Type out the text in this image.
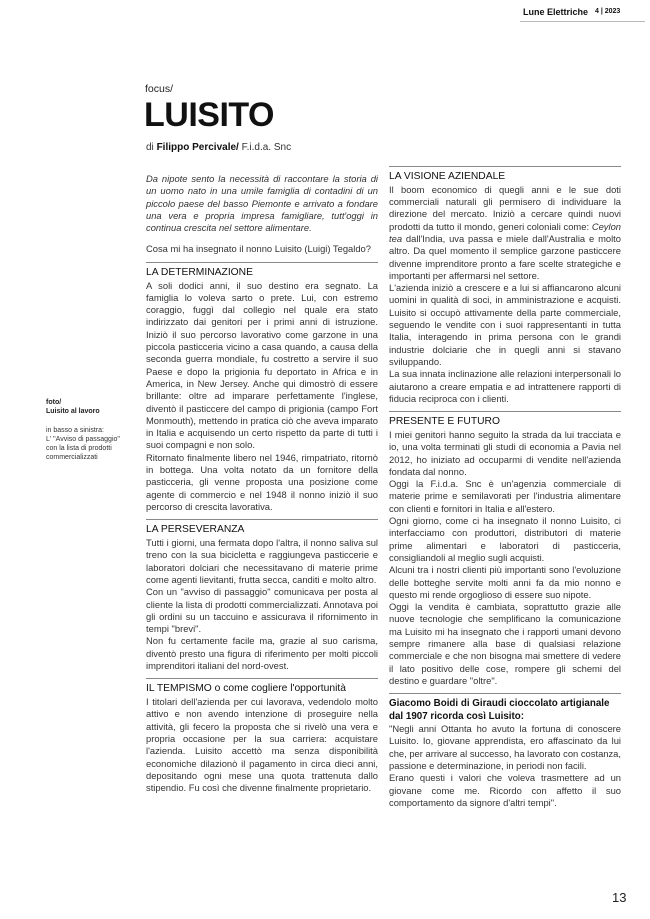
Lune Elettriche 4 | 2023
focus/
LUISITO
di Filippo Percivale/ F.i.d.a. Snc
foto/
Luisito al lavoro
in basso a sinistra:
L' "Avviso di passaggio"
con la lista di prodotti
commercializzati

Da nipote sento la necessità di raccontare la storia di un uomo nato in una umile famiglia di contadini di un piccolo paese del basso Piemonte e arrivato a fondare una vera e propria impresa famigliare, tutt'oggi in continua crescita nel settore alimentare.

Cosa mi ha insegnato il nonno Luisito (Luigi) Tegaldo?

LA DETERMINAZIONE

A soli dodici anni, il suo destino era segnato. La famiglia lo voleva sarto o prete. Lui, con estremo coraggio, fuggì dal collegio nel quale era stato indirizzato dai genitori per i primi anni di istruzione. Iniziò il suo percorso lavorativo come garzone in una piccola pasticceria vicino a casa quando, a causa della seconda guerra mondiale, fu costretto a servire il suo Paese e dopo la prigionia fu deportato in Africa e in America, in New Jersey. Anche qui dimostrò di essere brillante: oltre ad imparare perfettamente l'inglese, diventò il pasticcere del campo di prigionia (campo Fort Monmouth), mettendo in pratica ciò che aveva imparato in Italia e acquisendo un certo rispetto da parte di tutti i suoi compagni e non solo.

Ritornato finalmente libero nel 1946, rimpatriato, ritornò in bottega. Una volta notato da un fornitore della pasticceria, gli venne proposta una posizione come agente di commercio e nel 1948 il nonno iniziò il suo percorso di crescita lavorativa.

LA PERSEVERANZA

Tutti i giorni, una fermata dopo l'altra, il nonno saliva sul treno con la sua bicicletta e raggiungeva pasticcerie e laboratori dolciari che necessitavano di materie prime come agenti lievitanti, frutta secca, canditi e molto altro.

Con un "avviso di passaggio" comunicava per posta al cliente la lista di prodotti commercializzati. Annotava poi gli ordini su un taccuino e assicurava il rifornimento in tempi "brevi".

Non fu certamente facile ma, grazie al suo carisma, diventò presto una figura di riferimento per molti piccoli imprenditori italiani del nord-ovest.

IL TEMPISMO o come cogliere l'opportunità

I titolari dell'azienda per cui lavorava, vedendolo molto attivo e non avendo intenzione di proseguire nella attività, gli fecero la proposta che si rivelò una vera e propria occasione per la sua carriera: acquistare l'azienda. Luisito accettò ma senza disponibilità economiche dilazionò il pagamento in circa dieci anni, depositando ogni mese una quota trattenuta dallo stipendio. Fu così che divenne finalmente proprietario.

LA VISIONE AZIENDALE

Il boom economico di quegli anni e le sue doti commerciali naturali gli permisero di individuare la direzione del mercato. Iniziò a cercare quindi nuovi prodotti da tutto il mondo, generi coloniali come: Ceylon tea dall'India, uva passa e miele dall'Australia e molto altro. Da quel momento il semplice garzone pasticcere divenne imprenditore pronto a fare scelte strategiche e importanti per affermarsi nel settore.

L'azienda iniziò a crescere e a lui si affiancarono alcuni uomini in qualità di soci, in amministrazione e acquisti. Luisito si occupò attivamente della parte commerciale, seguendo le vendite con i suoi rappresentanti in tutta Italia, interagendo in prima persona con le grandi industrie dolciarie che in quegli anni si stavano sviluppando.

La sua innata inclinazione alle relazioni interpersonali lo aiutarono a creare empatia e ad intrattenere rapporti di fiducia reciproca con i clienti.

PRESENTE E FUTURO

I miei genitori hanno seguito la strada da lui tracciata e io, una volta terminati gli studi di economia a Pavia nel 2012, ho iniziato ad occuparmi di vendite nell'azienda fondata dal nonno.

Oggi la F.i.d.a. Snc è un'agenzia commerciale di materie prime e semilavorati per l'industria alimentare con clienti e fornitori in Italia e all'estero.

Ogni giorno, come ci ha insegnato il nonno Luisito, ci interfacciamo con produttori, distributori di materie prime alimentari e laboratori di pasticceria, consigliandoli al meglio sugli acquisti.

Alcuni tra i nostri clienti più importanti sono l'evoluzione delle botteghe servite molti anni fa da mio nonno e questo mi rende orgoglioso di essere suo nipote.

Oggi la vendita è cambiata, soprattutto grazie alle nuove tecnologie che semplificano la comunicazione ma Luisito mi ha insegnato che i rapporti umani devono sempre rimanere alla base di qualsiasi relazione commerciale e che non bisogna mai smettere di vedere il lato positivo delle cose, rompere gli schemi del destino e guardare "oltre".

Giacomo Boidi di Giraudi cioccolato artigianale dal 1907 ricorda così Luisito:

"Negli anni Ottanta ho avuto la fortuna di conoscere Luisito. Io, giovane apprendista, ero affascinato da lui che, per arrivare al successo, ha lavorato con costanza, passione e determinazione, in periodi non facili.

Erano questi i valori che voleva trasmettere ad un giovane come me. Ricordo con affetto il suo comportamento da signore d'altri tempi".

13
